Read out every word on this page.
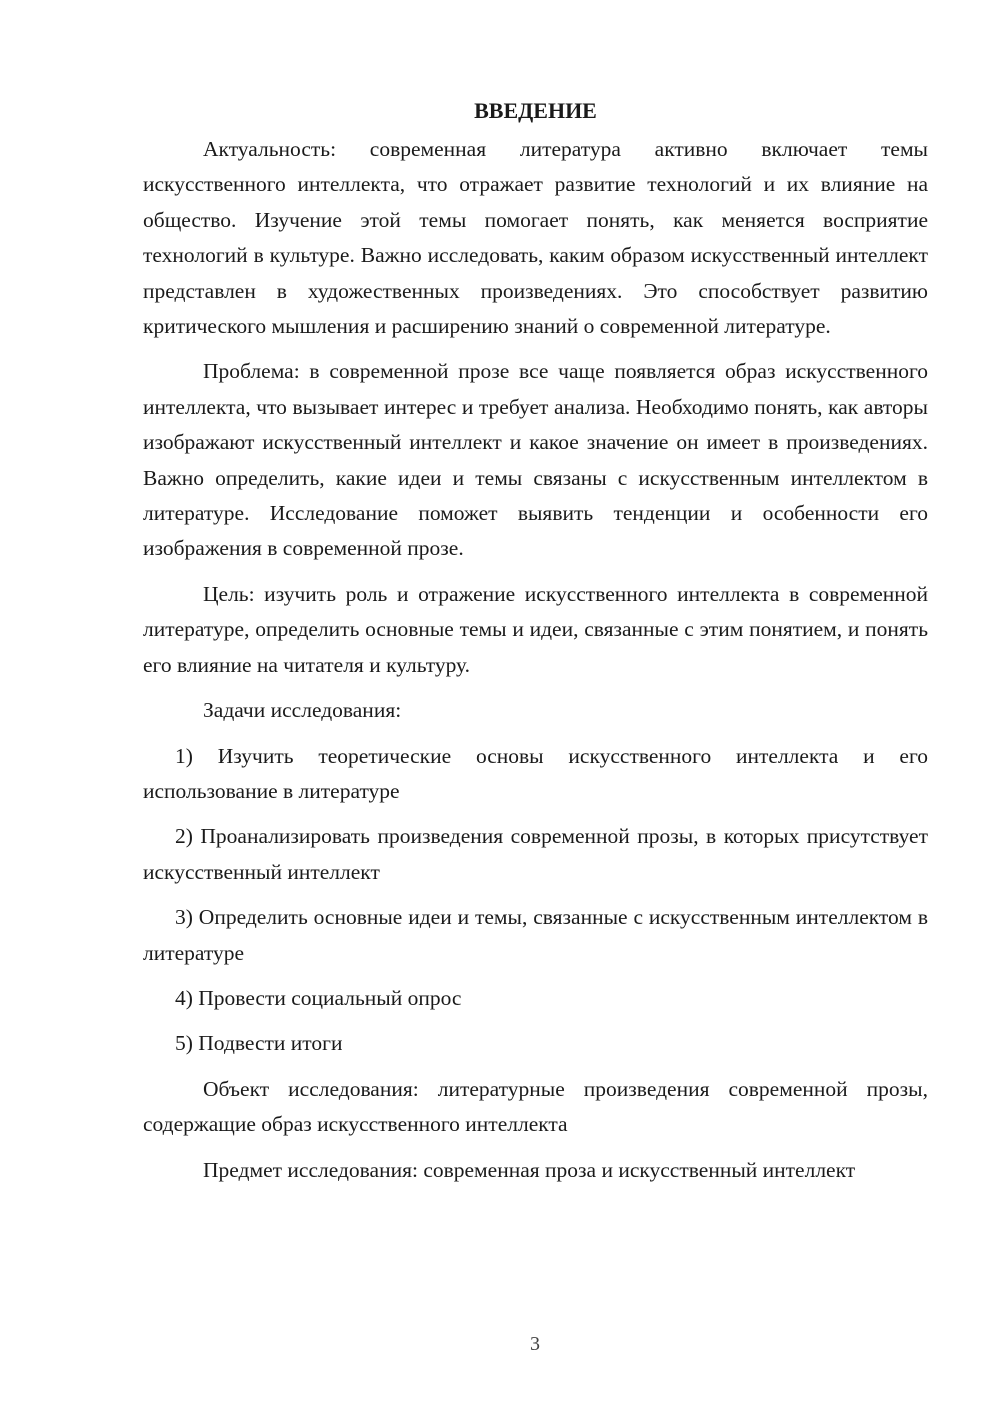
ВВЕДЕНИЕ

Актуальность: современная литература активно включает темы искусственного интеллекта, что отражает развитие технологий и их влияние на общество. Изучение этой темы помогает понять, как меняется восприятие технологий в культуре. Важно исследовать, каким образом искусственный интеллект представлен в художественных произведениях. Это способствует развитию критического мышления и расширению знаний о современной литературе.

Проблема: в современной прозе все чаще появляется образ искусственного интеллекта, что вызывает интерес и требует анализа. Необходимо понять, как авторы изображают искусственный интеллект и какое значение он имеет в произведениях. Важно определить, какие идеи и темы связаны с искусственным интеллектом в литературе. Исследование поможет выявить тенденции и особенности его изображения в современной прозе.

Цель: изучить роль и отражение искусственного интеллекта в современной литературе, определить основные темы и идеи, связанные с этим понятием, и понять его влияние на читателя и культуру.

Задачи исследования:

1) Изучить теоретические основы искусственного интеллекта и его использование в литературе

2) Проанализировать произведения современной прозы, в которых присутствует искусственный интеллект

3) Определить основные идеи и темы, связанные с искусственным интеллектом в литературе

4) Провести социальный опрос

5) Подвести итоги

Объект исследования: литературные произведения современной прозы, содержащие образ искусственного интеллекта

Предмет исследования: современная проза и искусственный интеллект

3
